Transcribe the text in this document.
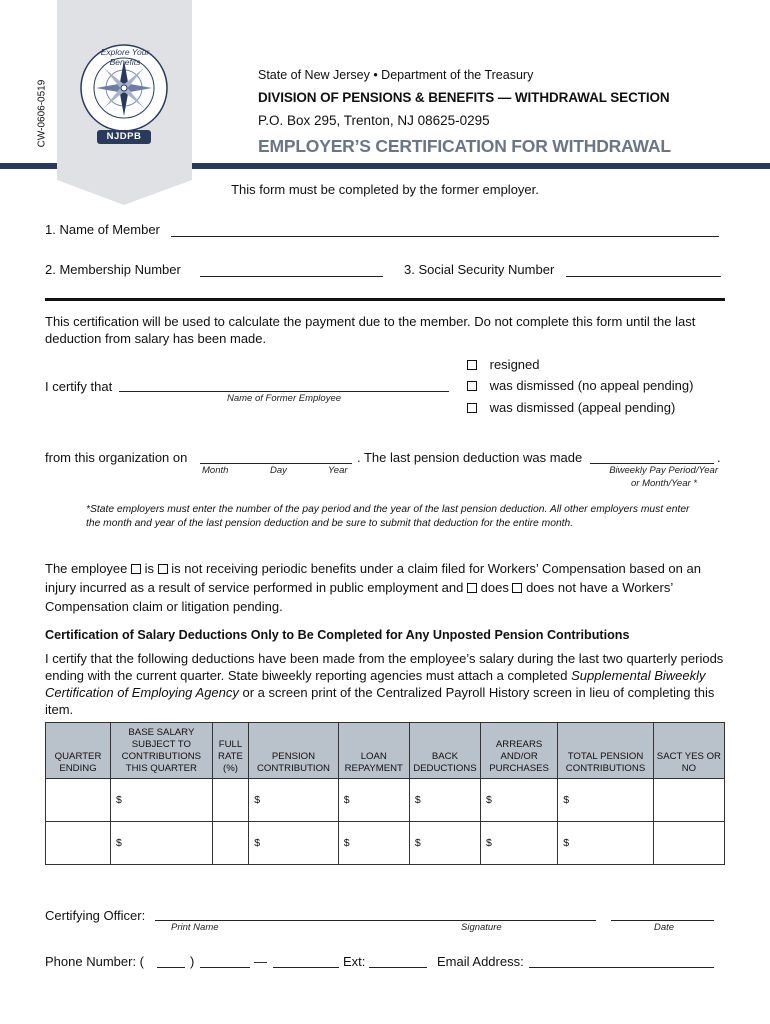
CW-0606-0519
Explore Your Benefits
NJDPB
State of New Jersey • Department of the Treasury
DIVISION OF PENSIONS & BENEFITS — WITHDRAWAL SECTION
P.O. Box 295, Trenton, NJ 08625-0295
EMPLOYER’S CERTIFICATION FOR WITHDRAWAL
This form must be completed by the former employer.
1. Name of Member
2. Membership Number	3. Social Security Number
This certification will be used to calculate the payment due to the member. Do not complete this form until the last deduction from salary has been made.
I certify that
Name of Former Employee
resigned
was dismissed (no appeal pending)
was dismissed (appeal pending)
from this organization on
Month	Day	Year
. The last pension deduction was made	.
Biweekly Pay Period/Year
or Month/Year *
*State employers must enter the number of the pay period and the year of the last pension deduction. All other employers must enter the month and year of the last pension deduction and be sure to submit that deduction for the entire month.
The employee is is not receiving periodic benefits under a claim filed for Workers’ Compensation based on an injury incurred as a result of service performed in public employment and does does not have a Workers’ Compensation claim or litigation pending.
Certification of Salary Deductions Only to Be Completed for Any Unposted Pension Contributions
I certify that the following deductions have been made from the employee’s salary during the last two quarterly periods ending with the current quarter. State biweekly reporting agencies must attach a completed Supplemental Biweekly Certification of Employing Agency or a screen print of the Centralized Payroll History screen in lieu of completing this item.
QUARTER ENDING	BASE SALARY SUBJECT TO CONTRIBUTIONS THIS QUARTER	FULL RATE (%)	PENSION CONTRIBUTION	LOAN REPAYMENT	BACK DEDUCTIONS	ARREARS AND/OR PURCHASES	TOTAL PENSION CONTRIBUTIONS	SACT YES OR NO
	$		$	$	$	$	$	
	$		$	$	$	$	$	
Certifying Officer:
Print Name	Signature	Date
Phone Number: (	)	—	Ext:	Email Address:
